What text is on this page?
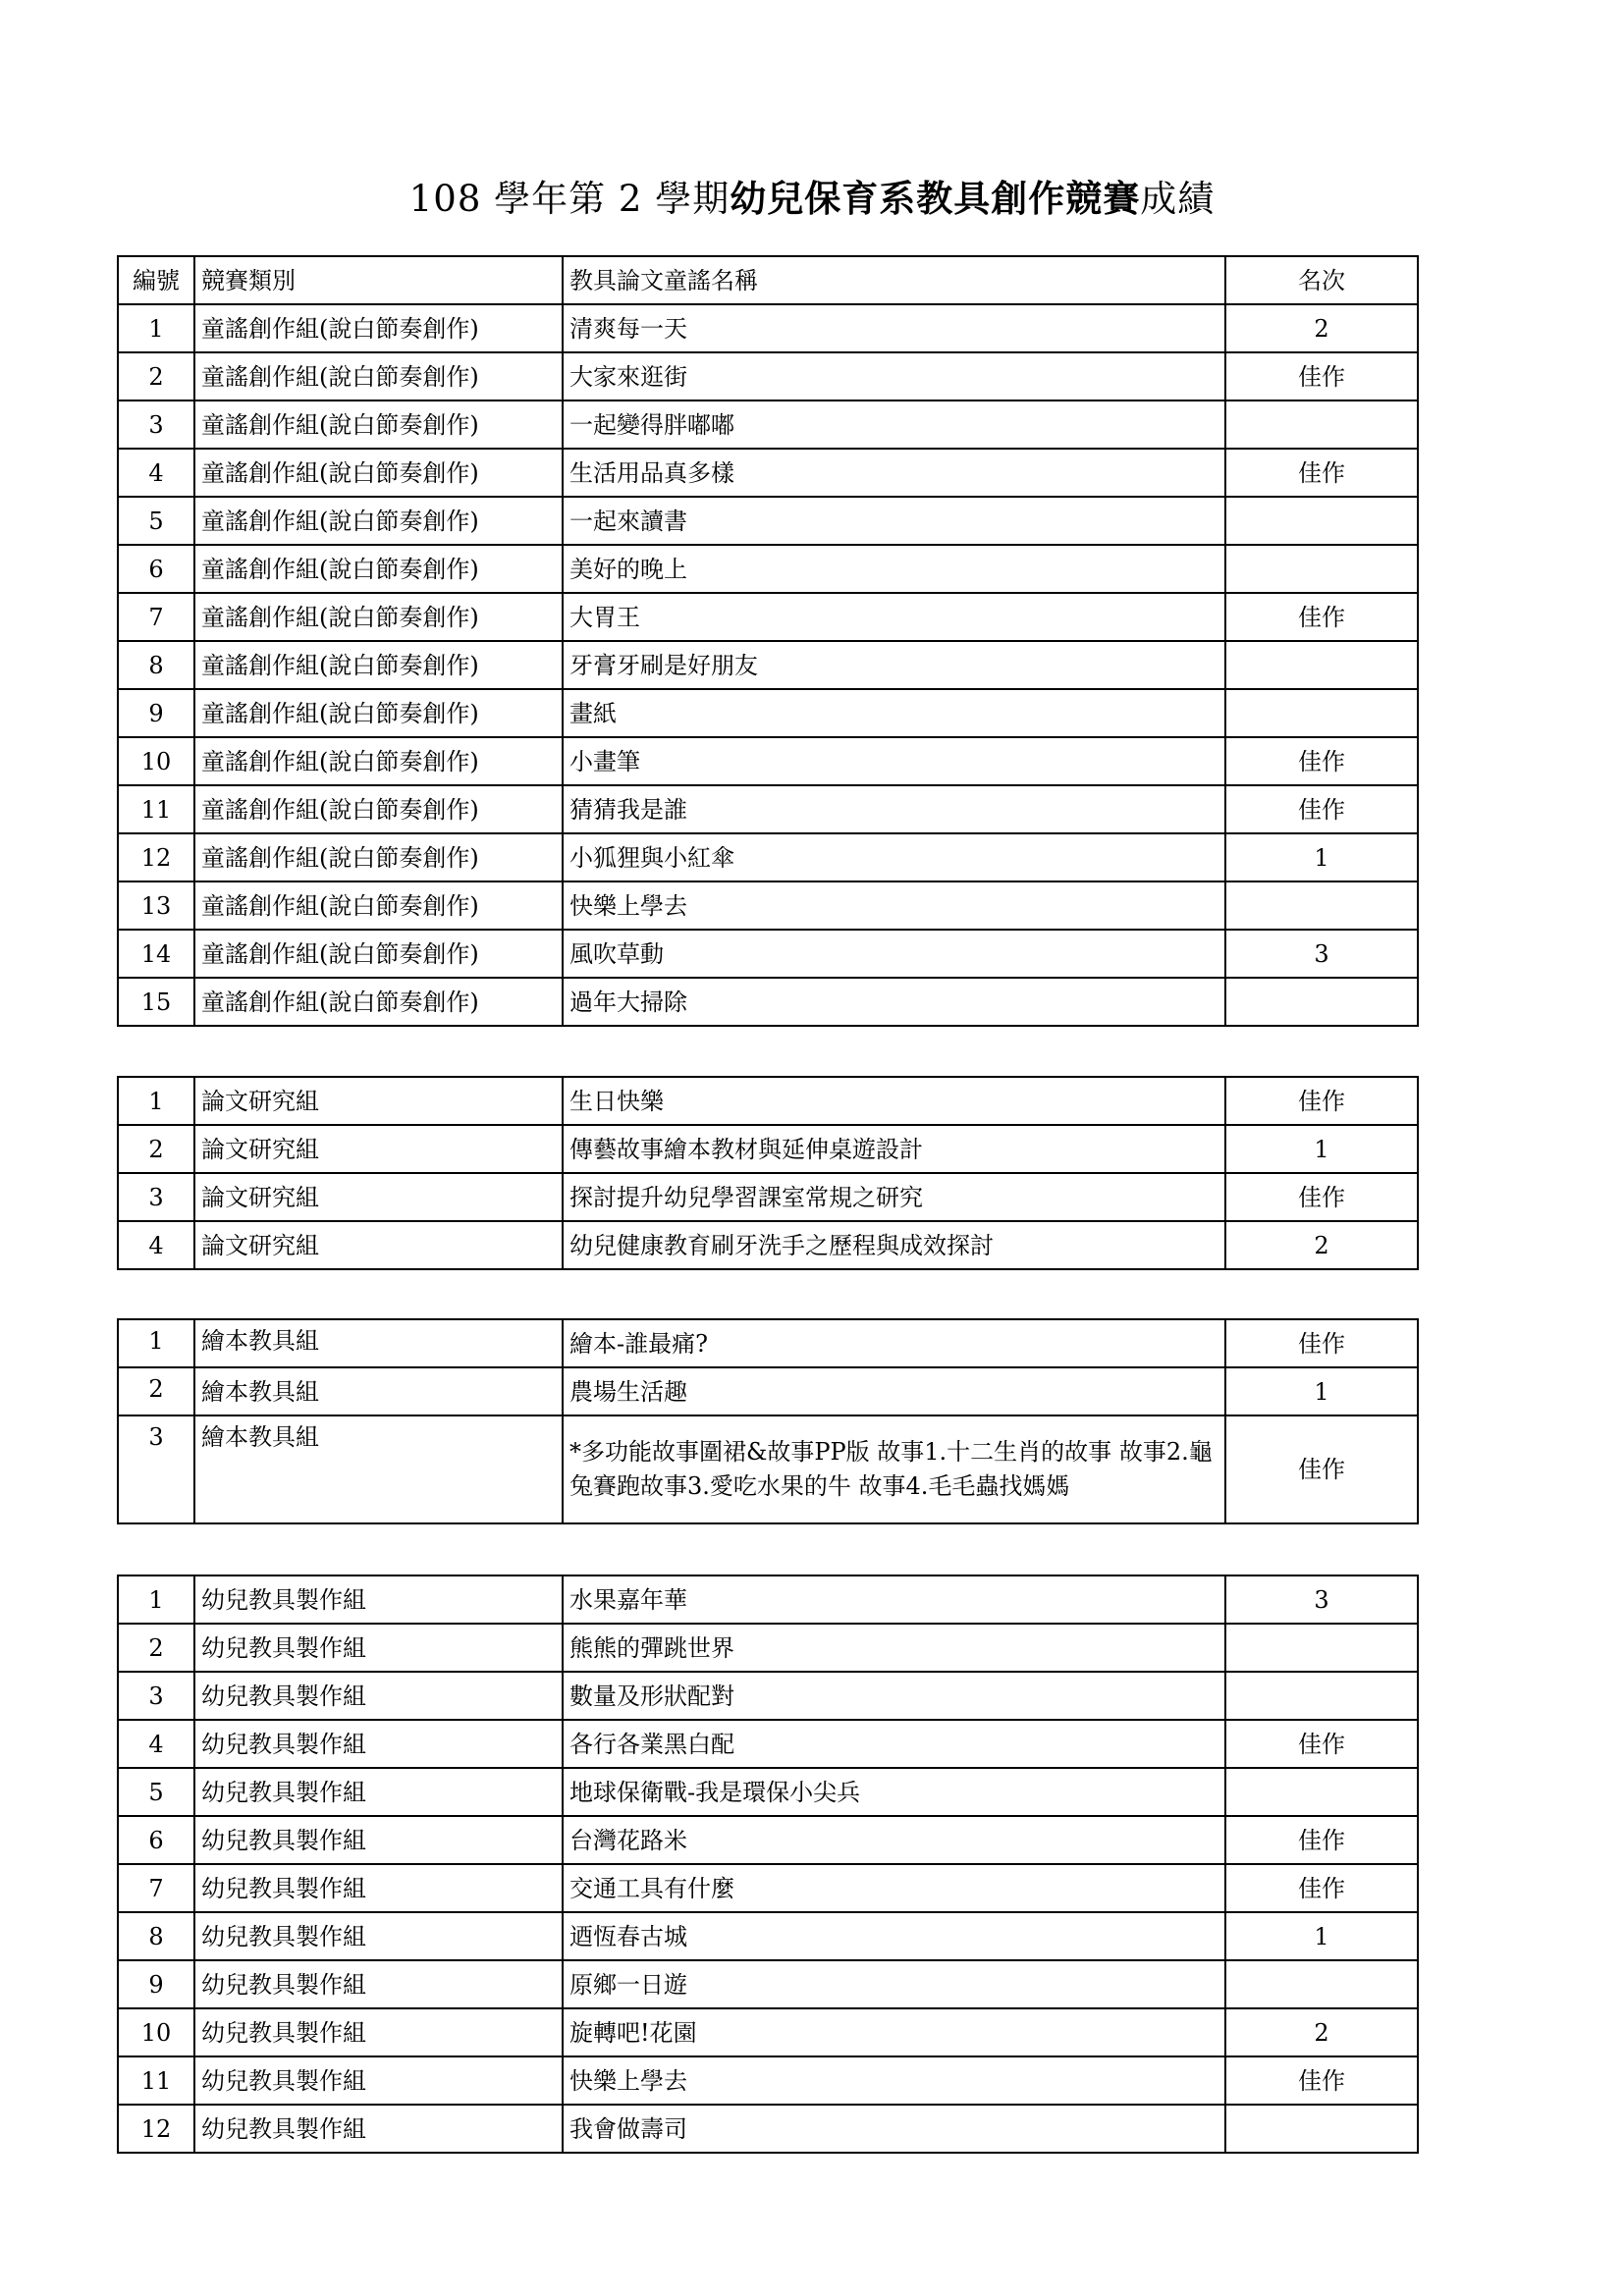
108 學年第 2 學期幼兒保育系教具創作競賽成績
編號	競賽類別	教具論文童謠名稱	名次
1	童謠創作組(說白節奏創作)	清爽每一天	2
2	童謠創作組(說白節奏創作)	大家來逛街	佳作
3	童謠創作組(說白節奏創作)	一起變得胖嘟嘟	
4	童謠創作組(說白節奏創作)	生活用品真多樣	佳作
5	童謠創作組(說白節奏創作)	一起來讀書	
6	童謠創作組(說白節奏創作)	美好的晚上	
7	童謠創作組(說白節奏創作)	大胃王	佳作
8	童謠創作組(說白節奏創作)	牙膏牙刷是好朋友	
9	童謠創作組(說白節奏創作)	畫紙	
10	童謠創作組(說白節奏創作)	小畫筆	佳作
11	童謠創作組(說白節奏創作)	猜猜我是誰	佳作
12	童謠創作組(說白節奏創作)	小狐狸與小紅傘	1
13	童謠創作組(說白節奏創作)	快樂上學去	
14	童謠創作組(說白節奏創作)	風吹草動	3
15	童謠創作組(說白節奏創作)	過年大掃除	
1	論文研究組	生日快樂	佳作
2	論文研究組	傳藝故事繪本教材與延伸桌遊設計	1
3	論文研究組	探討提升幼兒學習課室常規之研究	佳作
4	論文研究組	幼兒健康教育刷牙洗手之歷程與成效探討	2
1	繪本教具組	繪本-誰最痛?	佳作
2	繪本教具組	農場生活趣	1
3	繪本教具組	*多功能故事圍裙&故事PP版 故事1.十二生肖的故事 故事2.龜兔賽跑故事3.愛吃水果的牛 故事4.毛毛蟲找媽媽	佳作
1	幼兒教具製作組	水果嘉年華	3
2	幼兒教具製作組	熊熊的彈跳世界	
3	幼兒教具製作組	數量及形狀配對	
4	幼兒教具製作組	各行各業黑白配	佳作
5	幼兒教具製作組	地球保衛戰-我是環保小尖兵	
6	幼兒教具製作組	台灣花路米	佳作
7	幼兒教具製作組	交通工具有什麼	佳作
8	幼兒教具製作組	迺恆春古城	1
9	幼兒教具製作組	原鄉一日遊	
10	幼兒教具製作組	旋轉吧!花園	2
11	幼兒教具製作組	快樂上學去	佳作
12	幼兒教具製作組	我會做壽司	
